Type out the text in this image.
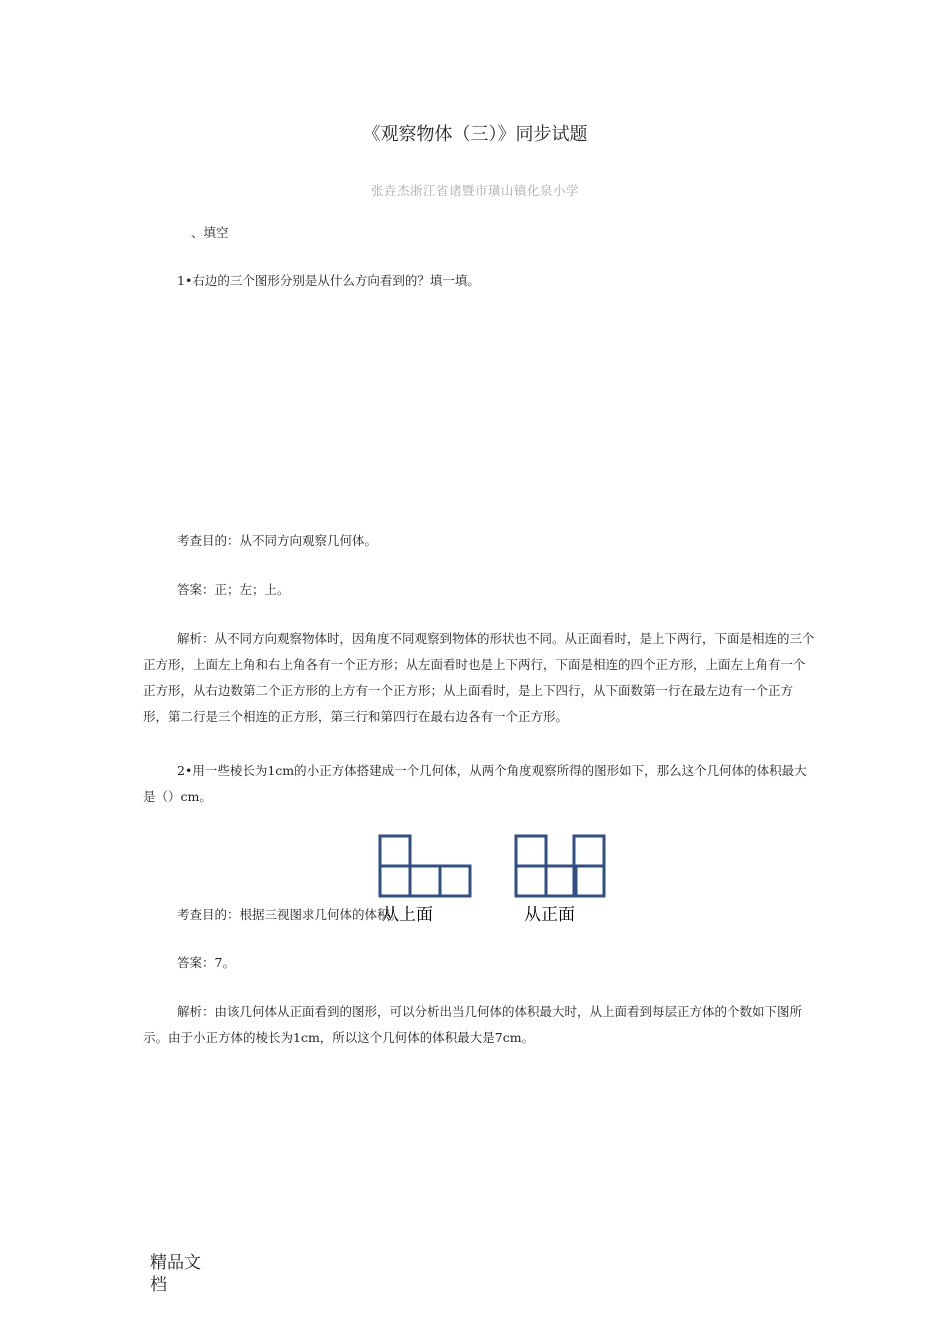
《观察物体（三）》同步试题
张垚杰浙江省诸暨市璜山镇化泉小学
、填空
1•右边的三个图形分别是从什么方向看到的？填一填。
考查目的：从不同方向观察几何体。
答案：正；左；上。
解析：从不同方向观察物体时，因角度不同观察到物体的形状也不同。从正面看时，是上下两行，下面是相连的三个正方形，上面左上角和右上角各有一个正方形；从左面看时也是上下两行，下面是相连的四个正方形，上面左上角有一个正方形，从右边数第二个正方形的上方有一个正方形；从上面看时，是上下四行，从下面数第一行在最左边有一个正方形，第二行是三个相连的正方形，第三行和第四行在最右边各有一个正方形。
2•用一些棱长为1cm的小正方体搭建成一个几何体，从两个角度观察所得的图形如下，那么这个几何体的体积最大是（）cm。
从上面	从正面
考查目的：根据三视图求几何体的体积。
答案：7。
解析：由该几何体从正面看到的图形，可以分析出当几何体的体积最大时，从上面看到每层正方体的个数如下图所示。由于小正方体的棱长为1cm，所以这个几何体的体积最大是7cm。
精品文档
